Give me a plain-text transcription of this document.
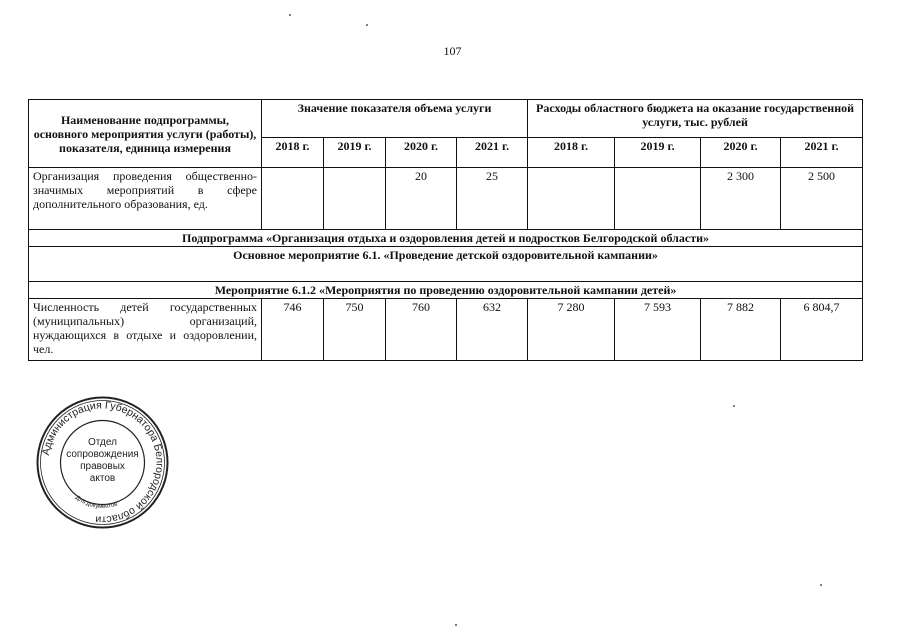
107
Наименование подпрограммы, основного мероприятия услуги (работы), показателя, единица измерения	Значение показателя объема услуги				Расходы областного бюджета на оказание государственной услуги, тыс. рублей			
	2018 г.	2019 г.	2020 г.	2021 г.	2018 г.	2019 г.	2020 г.	2021 г.
Организация проведения общественно-значимых мероприятий в сфере дополнительного образования, ед.			20	25			2 300	2 500
Подпрограмма «Организация отдыха и оздоровления детей и подростков Белгородской области»								
Основное мероприятие 6.1. «Проведение детской оздоровительной кампании»								
Мероприятие 6.1.2 «Мероприятия по проведению оздоровительной кампании детей»								
Численность детей государственных (муниципальных) организаций, нуждающихся в отдыхе и оздоровлении, чел.	746	750	760	632	7 280	7 593	7 882	6 804,7
Администрация Губернатора Белгородской области
Для документов
Отдел
сопровождения
правовых
актов
